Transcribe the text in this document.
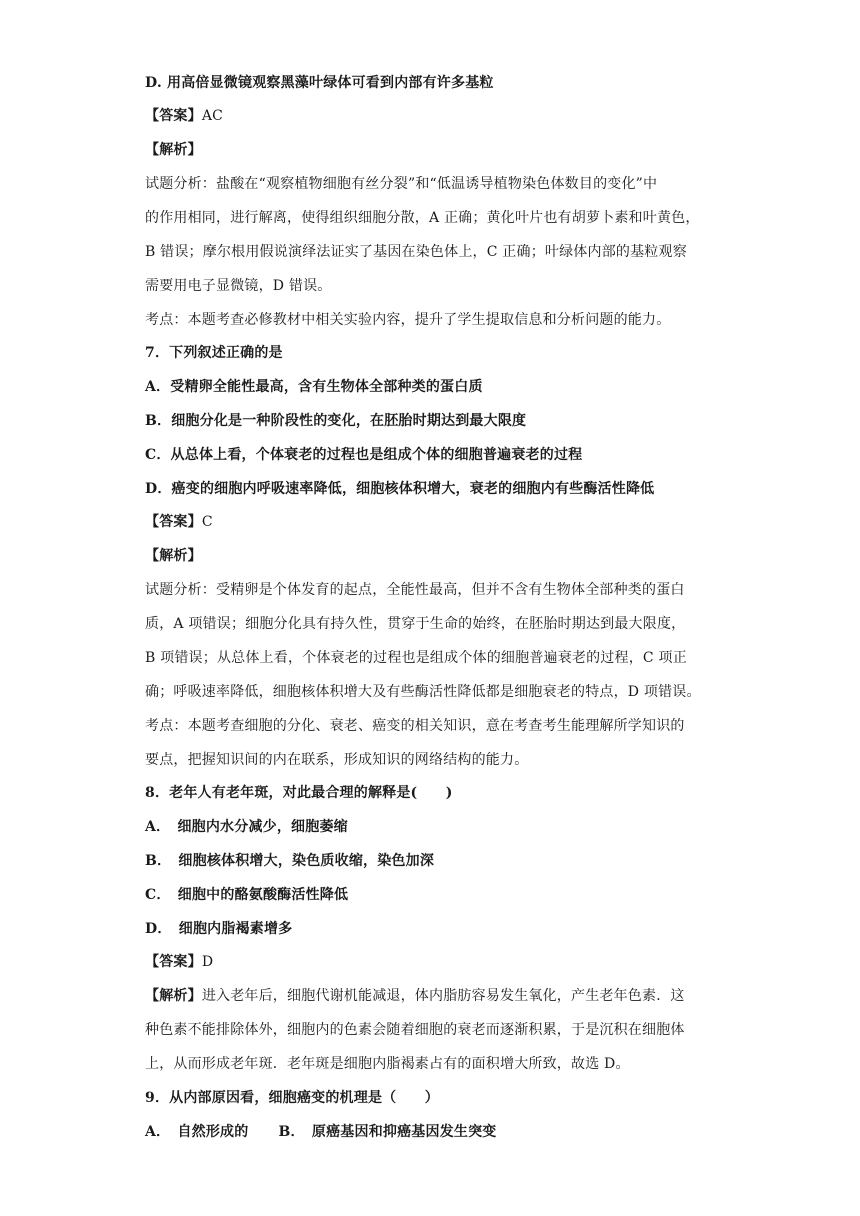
D. 用高倍显微镜观察黑藻叶绿体可看到内部有许多基粒
【答案】AC
【解析】
试题分析：盐酸在“观察植物细胞有丝分裂”和“低温诱导植物染色体数目的变化”中
的作用相同，进行解离，使得组织细胞分散，A 正确；黄化叶片也有胡萝卜素和叶黄色，
B 错误；摩尔根用假说演绎法证实了基因在染色体上，C 正确；叶绿体内部的基粒观察
需要用电子显微镜，D 错误。
考点：本题考查必修教材中相关实验内容，提升了学生提取信息和分析问题的能力。
7．下列叙述正确的是
A．受精卵全能性最高，含有生物体全部种类的蛋白质
B．细胞分化是一种阶段性的变化，在胚胎时期达到最大限度
C．从总体上看，个体衰老的过程也是组成个体的细胞普遍衰老的过程
D．癌变的细胞内呼吸速率降低，细胞核体积增大，衰老的细胞内有些酶活性降低
【答案】C
【解析】
试题分析：受精卵是个体发育的起点，全能性最高，但并不含有生物体全部种类的蛋白
质，A 项错误；细胞分化具有持久性，贯穿于生命的始终，在胚胎时期达到最大限度，
B 项错误；从总体上看，个体衰老的过程也是组成个体的细胞普遍衰老的过程，C 项正
确；呼吸速率降低，细胞核体积增大及有些酶活性降低都是细胞衰老的特点，D 项错误。
考点：本题考查细胞的分化、衰老、癌变的相关知识，意在考查考生能理解所学知识的
要点，把握知识间的内在联系，形成知识的网络结构的能力。
8．老年人有老年斑，对此最合理的解释是(　　)
A．　细胞内水分减少，细胞萎缩
B．　细胞核体积增大，染色质收缩，染色加深
C．　细胞中的酪氨酸酶活性降低
D．　细胞内脂褐素增多
【答案】D
【解析】进入老年后，细胞代谢机能减退，体内脂肪容易发生氧化，产生老年色素．这
种色素不能排除体外，细胞内的色素会随着细胞的衰老而逐渐积累，于是沉积在细胞体
上，从而形成老年斑．老年斑是细胞内脂褐素占有的面积增大所致，故选 D。
9．从内部原因看，细胞癌变的机理是（　　）
A．　自然形成的 B．　原癌基因和抑癌基因发生突变
